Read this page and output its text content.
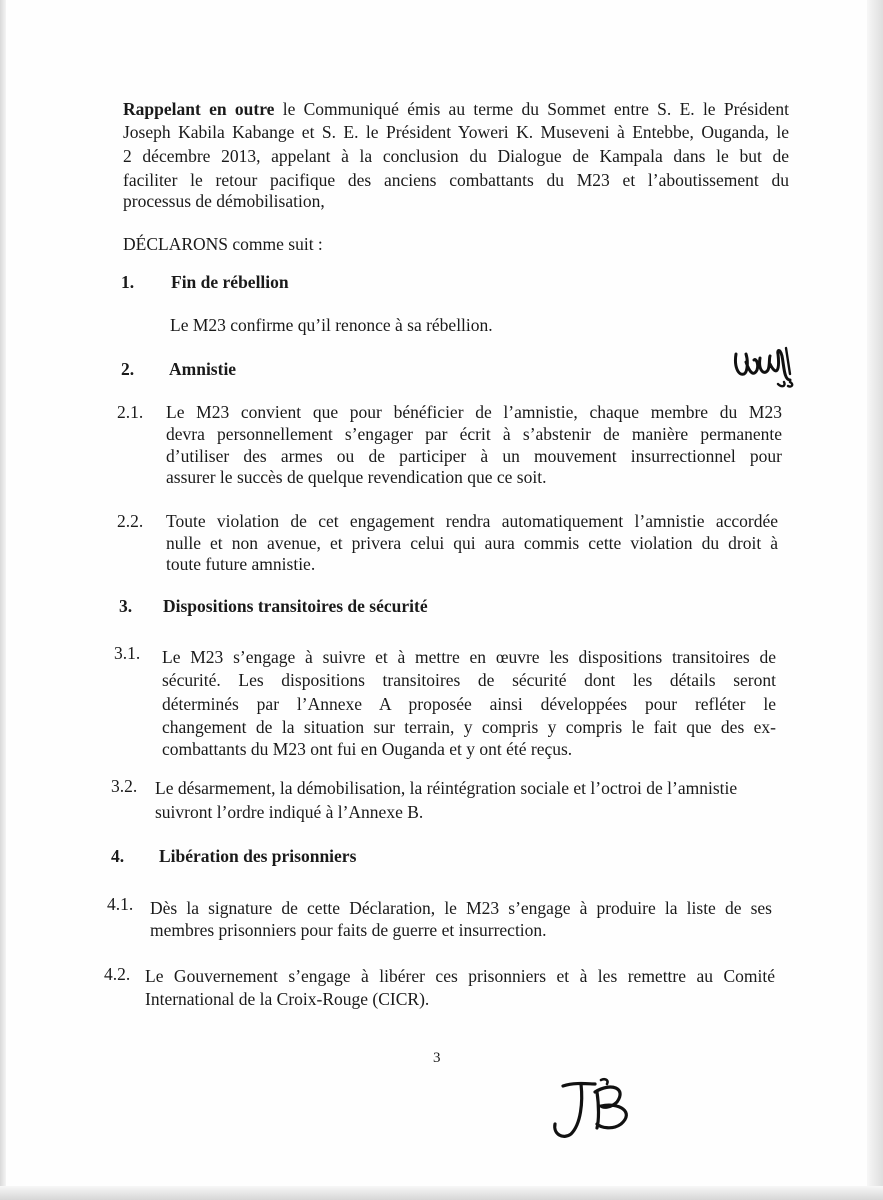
Rappelant en outre le Communiqué émis au terme du Sommet entre S. E. le Président
Joseph Kabila Kabange et S. E. le Président Yoweri K. Museveni à Entebbe, Ouganda, le
2 décembre 2013, appelant à la conclusion du Dialogue de Kampala dans le but de
faciliter le retour pacifique des anciens combattants du M23 et l’aboutissement du
processus de démobilisation,
DÉCLARONS comme suit :
1. Fin de rébellion
Le M23 confirme qu’il renonce à sa rébellion.
2. Amnistie
2.1. Le M23 convient que pour bénéficier de l’amnistie, chaque membre du M23
devra personnellement s’engager par écrit à s’abstenir de manière permanente
d’utiliser des armes ou de participer à un mouvement insurrectionnel pour
assurer le succès de quelque revendication que ce soit.
2.2. Toute violation de cet engagement rendra automatiquement l’amnistie accordée
nulle et non avenue, et privera celui qui aura commis cette violation du droit à
toute future amnistie.
3. Dispositions transitoires de sécurité
3.1. Le M23 s’engage à suivre et à mettre en œuvre les dispositions transitoires de
sécurité. Les dispositions transitoires de sécurité dont les détails seront
déterminés par l’Annexe A proposée ainsi développées pour refléter le
changement de la situation sur terrain, y compris y compris le fait que des ex-
combattants du M23 ont fui en Ouganda et y ont été reçus.
3.2. Le désarmement, la démobilisation, la réintégration sociale et l’octroi de l’amnistie
suivront l’ordre indiqué à l’Annexe B.
4. Libération des prisonniers
4.1. Dès la signature de cette Déclaration, le M23 s’engage à produire la liste de ses
membres prisonniers pour faits de guerre et insurrection.
4.2. Le Gouvernement s’engage à libérer ces prisonniers et à les remettre au Comité
International de la Croix-Rouge (CICR).
3
